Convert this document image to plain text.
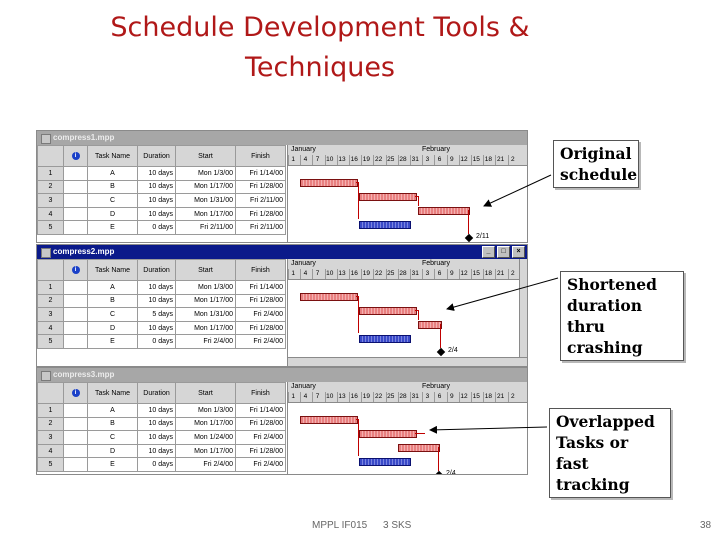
Schedule Development Tools &
Techniques
compress1.mpp
	i	Task Name	Duration	Start	Finish
1		A	10 days	Mon 1/3/00	Fri 1/14/00
2		B	10 days	Mon 1/17/00	Fri 1/28/00
3		C	10 days	Mon 1/31/00	Fri 2/11/00
4		D	10 days	Mon 1/17/00	Fri 1/28/00
5		E	0 days	Fri 2/11/00	Fri 2/11/00
January	February
1	4	7	10 13 16 19 22 25 28 31	3	6	9	12 15 18 21	2
2/11
compress2.mpp	_	□	×
	i	Task Name	Duration	Start	Finish
1		A	10 days	Mon 1/3/00	Fri 1/14/00
2		B	10 days	Mon 1/17/00	Fri 1/28/00
3		C	5 days	Mon 1/31/00	Fri 2/4/00
4		D	10 days	Mon 1/17/00	Fri 1/28/00
5		E	0 days	Fri 2/4/00	Fri 2/4/00
January	February
1	4	7	10 13 16 19 22 25 28 31	3	6	9	12 15 18 21	2
2/4
compress3.mpp
	i	Task Name	Duration	Start	Finish
1		A	10 days	Mon 1/3/00	Fri 1/14/00
2		B	10 days	Mon 1/17/00	Fri 1/28/00
3		C	10 days	Mon 1/24/00	Fri 2/4/00
4		D	10 days	Mon 1/17/00	Fri 1/28/00
5		E	0 days	Fri 2/4/00	Fri 2/4/00
January	February
1	4	7	10 13 16 19 22 25 28 31	3	6	9	12 15 18 21	2
2/4
Original
schedule
Shortened
duration thru
crashing
Overlapped
Tasks or fast
tracking
MPPL IF015 3 SKS	38
